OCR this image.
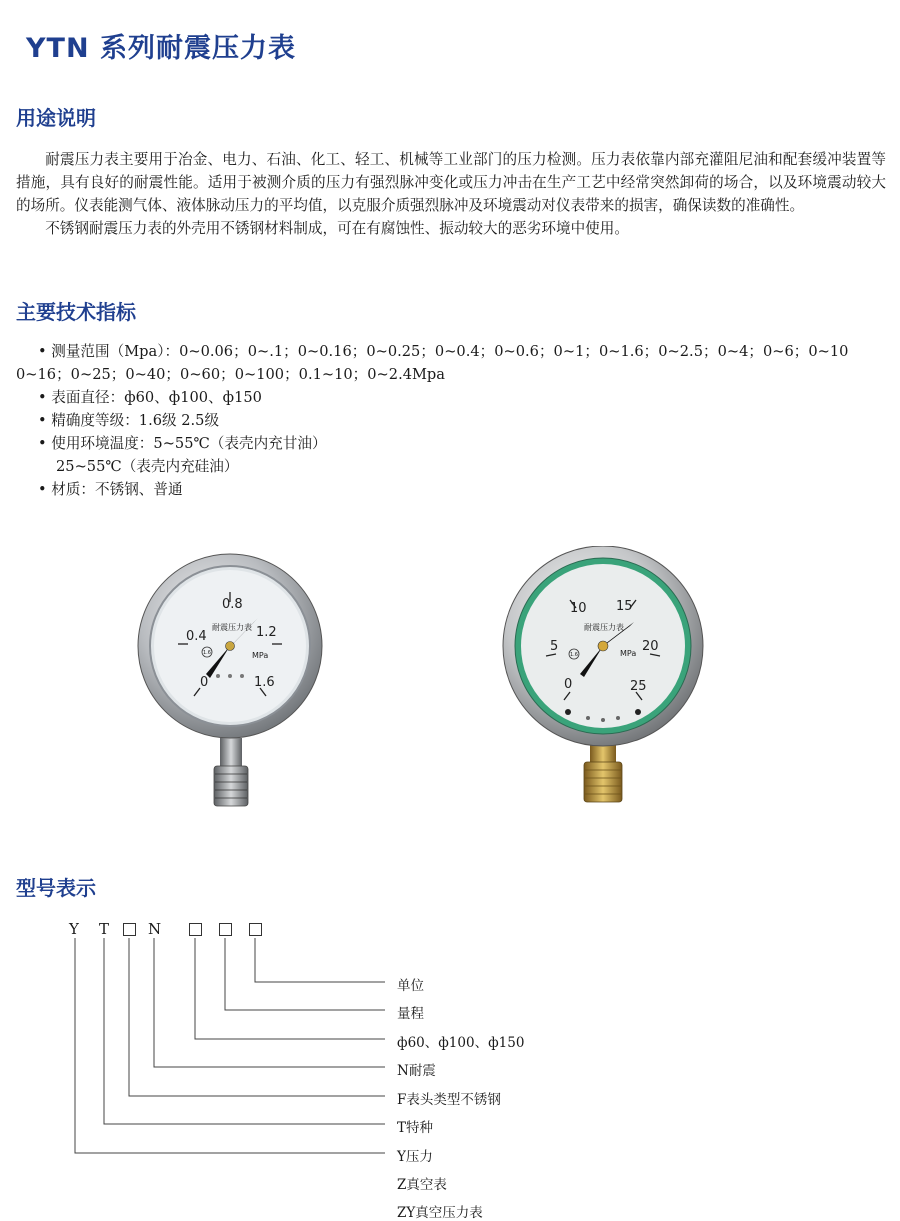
YTN 系列耐震压力表
用途说明

耐震压力表主要用于冶金、电力、石油、化工、轻工、机械等工业部门的压力检测。压力表依靠内部充灌阻尼油和配套缓冲装置等措施，具有良好的耐震性能。适用于被测介质的压力有强烈脉冲变化或压力冲击在生产工艺中经常突然卸荷的场合，以及环境震动较大的场所。仪表能测气体、液体脉动压力的平均值，以克服介质强烈脉冲及环境震动对仪表带来的损害，确保读数的准确性。

不锈钢耐震压力表的外壳用不锈钢材料制成，可在有腐蚀性、振动较大的恶劣环境中使用。

主要技术指标
• 测量范围（Mpa）：0~0.06；0~.1；0~0.16；0~0.25；0~0.4；0~0.6；0~1；0~1.6；0~2.5；0~4；0~6；0~10
0~16；0~25；0~40；0~60；0~100；0.1~10；0~2.4Mpa
• 表面直径：ф60、ф100、ф150
• 精确度等级：1.6级 2.5级
• 使用环境温度：5~55℃（表壳内充甘油）
25~55℃（表壳内充硅油）
• 材质：不锈钢、普通
0
0.4
0.8
1.2
1.6
耐震压力表
MPa
1.6
0
5
10 15
20
25
耐震压力表
MPa
1.6
型号表示
Y T	N
单位
量程
ф60、ф100、ф150
N耐震
F表头类型不锈钢
T特种
Y压力
Z真空表
ZY真空压力表
